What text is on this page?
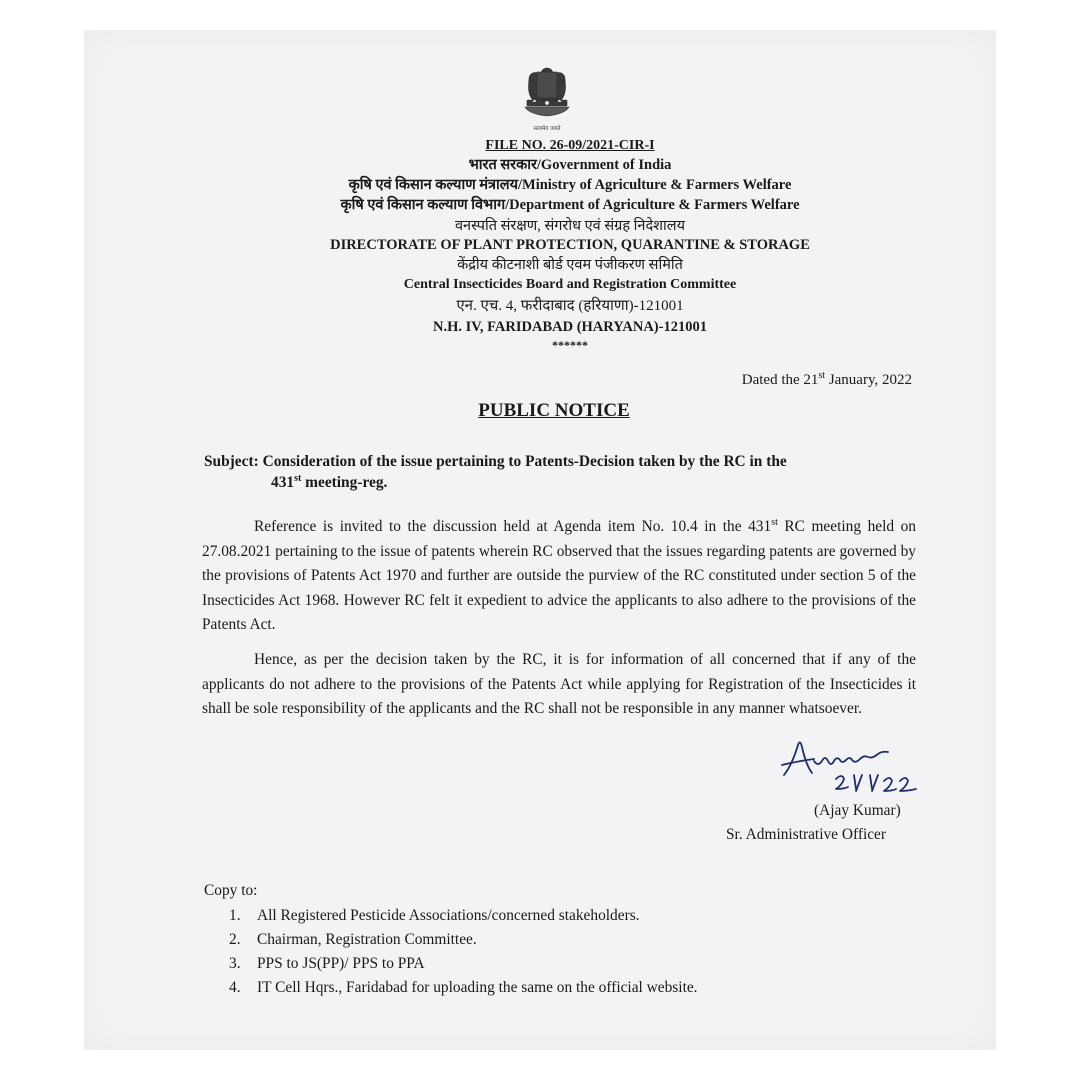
सत्यमेव जयते
FILE NO. 26-09/2021-CIR-I
भारत सरकार/Government of India
कृषि एवं किसान कल्याण मंत्रालय/Ministry of Agriculture & Farmers Welfare
कृषि एवं किसान कल्याण विभाग/Department of Agriculture & Farmers Welfare
वनस्पति संरक्षण, संगरोध एवं संग्रह निदेशालय
DIRECTORATE OF PLANT PROTECTION, QUARANTINE & STORAGE
केंद्रीय कीटनाशी बोर्ड एवम पंजीकरण समिति
Central Insecticides Board and Registration Committee
एन. एच. 4, फरीदाबाद (हरियाणा)-121001
N.H. IV, FARIDABAD (HARYANA)-121001
******
Dated the 21st January, 2022
PUBLIC NOTICE
Subject: Consideration of the issue pertaining to Patents-Decision taken by the RC in the
431st meeting-reg.

Reference is invited to the discussion held at Agenda item No. 10.4 in the 431st RC meeting held on 27.08.2021 pertaining to the issue of patents wherein RC observed that the issues regarding patents are governed by the provisions of Patents Act 1970 and further are outside the purview of the RC constituted under section 5 of the Insecticides Act 1968. However RC felt it expedient to advice the applicants to also adhere to the provisions of the Patents Act.

Hence, as per the decision taken by the RC, it is for information of all concerned that if any of the applicants do not adhere to the provisions of the Patents Act while applying for Registration of the Insecticides it shall be sole responsibility of the applicants and the RC shall not be responsible in any manner whatsoever.

(Ajay Kumar)
Sr. Administrative Officer
Copy to:
1. All Registered Pesticide Associations/concerned stakeholders.
2. Chairman, Registration Committee.
3. PPS to JS(PP)/ PPS to PPA
4. IT Cell Hqrs., Faridabad for uploading the same on the official website.
